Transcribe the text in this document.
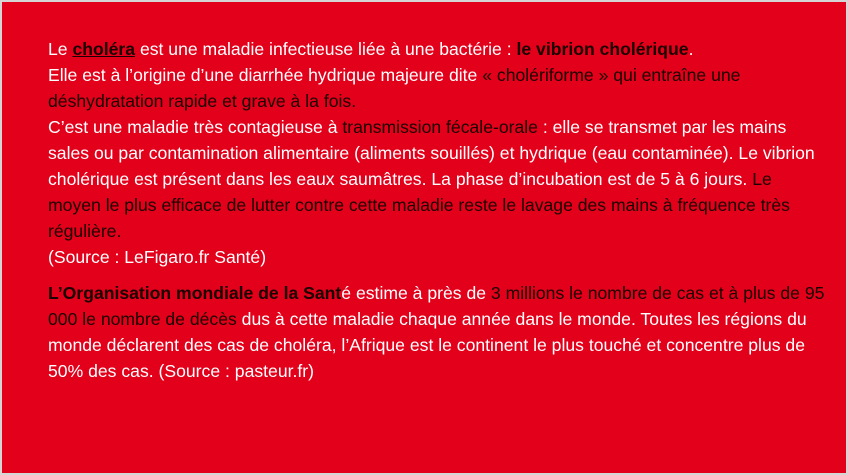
Le choléra est une maladie infectieuse liée à une bactérie : le vibrion cholérique.
Elle est à l’origine d’une diarrhée hydrique majeure dite « cholériforme » qui entraîne une déshydratation rapide et grave à la fois.

C’est une maladie très contagieuse à transmission fécale-orale : elle se transmet par les mains sales ou par contamination alimentaire (aliments souillés) et hydrique (eau contaminée). Le vibrion cholérique est présent dans les eaux saumâtres. La phase d’incubation est de 5 à 6 jours. Le moyen le plus efficace de lutter contre cette maladie reste le lavage des mains à fréquence très régulière.
(Source : LeFigaro.fr Santé)

L’Organisation mondiale de la Santé estime à près de 3 millions le nombre de cas et à plus de 95 000 le nombre de décès dus à cette maladie chaque année dans le monde. Toutes les régions du monde déclarent des cas de choléra, l’Afrique est le continent le plus touché et concentre plus de 50% des cas. (Source : pasteur.fr)
